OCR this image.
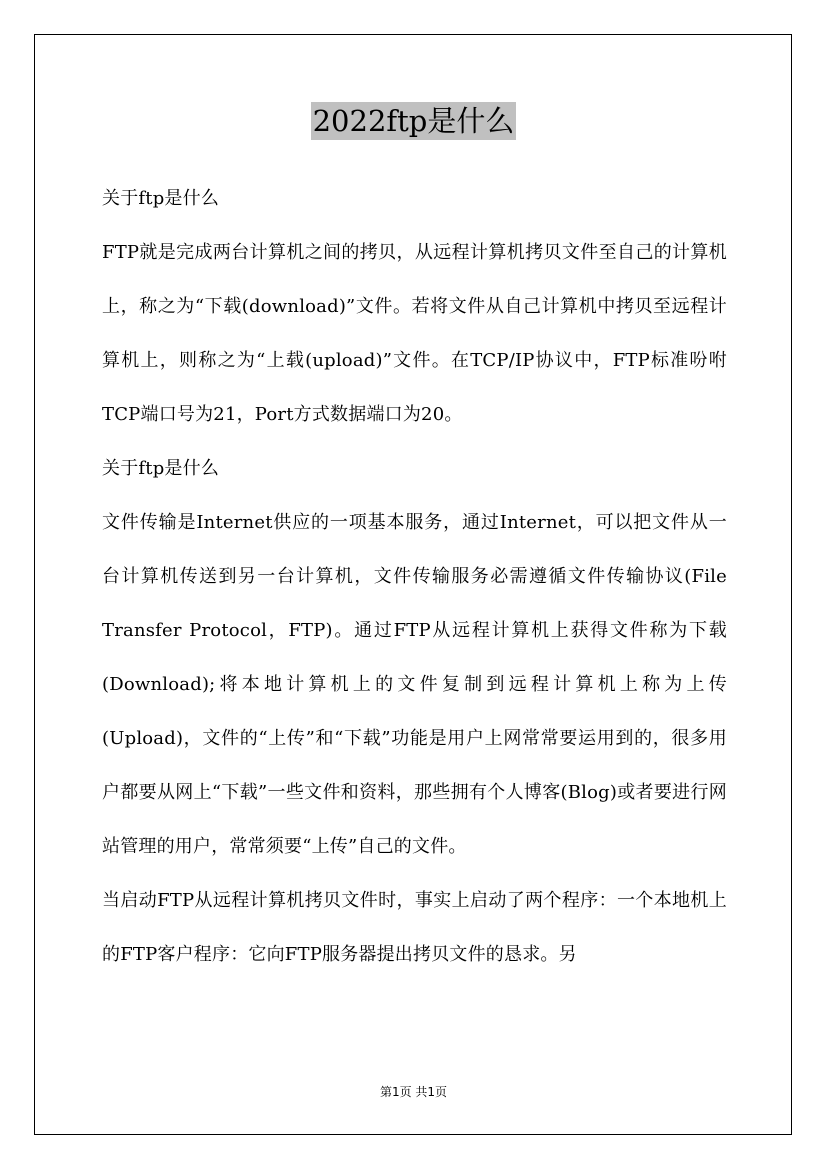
2022ftp是什么

关于ftp是什么

FTP就是完成两台计算机之间的拷贝，从远程计算机拷贝文件至自己的计算机上，称之为“下载(download)”文件。若将文件从自己计算机中拷贝至远程计算机上，则称之为“上载(upload)”文件。在TCP/IP协议中，FTP标准吩咐TCP端口号为21，Port方式数据端口为20。

关于ftp是什么

文件传输是Internet供应的一项基本服务，通过Internet，可以把文件从一台计算机传送到另一台计算机，文件传输服务必需遵循文件传输协议(File Transfer Protocol，FTP)。通过FTP从远程计算机上获得文件称为下载(Download);将本地计算机上的文件复制到远程计算机上称为上传(Upload)，文件的“上传”和“下载”功能是用户上网常常要运用到的，很多用户都要从网上“下载”一些文件和资料，那些拥有个人博客(Blog)或者要进行网站管理的用户，常常须要“上传”自己的文件。

当启动FTP从远程计算机拷贝文件时，事实上启动了两个程序：一个本地机上的FTP客户程序：它向FTP服务器提出拷贝文件的恳求。另

第1页 共1页
